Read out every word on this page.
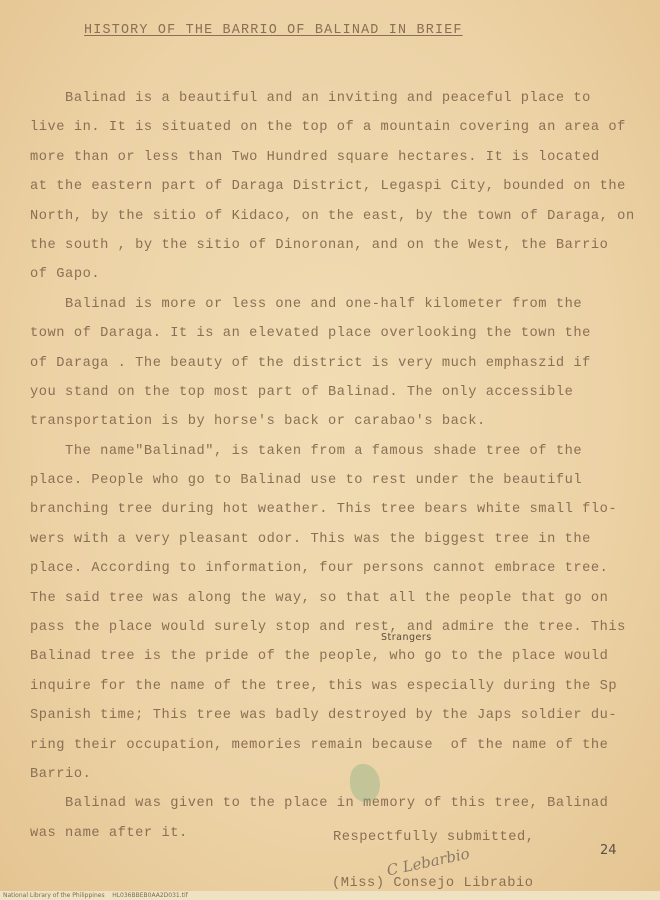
HISTORY OF THE BARRIO OF BALINAD IN BRIEF
Balinad is a beautiful and an inviting and peaceful place to
live in. It is situated on the top of a mountain covering an area of
more than or less than Two Hundred square hectares. It is located
at the eastern part of Daraga District, Legaspi City, bounded on the
North, by the sitio of Kidaco, on the east, by the town of Daraga, on
the south , by the sitio of Dinoronan, and on the West, the Barrio
of Gapo.
Balinad is more or less one and one-half kilometer from the
town of Daraga. It is an elevated place overlooking the town the
of Daraga . The beauty of the district is very much emphaszid if
you stand on the top most part of Balinad. The only accessible
transportation is by horse's back or carabao's back.
The name"Balinad", is taken from a famous shade tree of the
place. People who go to Balinad use to rest under the beautiful
branching tree during hot weather. This tree bears white small flo-
wers with a very pleasant odor. This was the biggest tree in the
place. According to information, four persons cannot embrace tree.
The said tree was along the way, so that all the people that go on
pass the place would surely stop and rest, and admire the tree. This
Balinad tree is the pride of the people, who go to the place would
inquire for the name of the tree, this was especially during the Sp
Spanish time; This tree was badly destroyed by the Japs soldier du-
ring their occupation, memories remain because  of the name of the
Barrio.
Balinad was given to the place in memory of this tree, Balinad
was name after it.
Strangers
Respectfully submitted,
C Lebarbio
(Miss) Consejo Librabio
24
National Library of the Philippines    HL036BBEB0AA2D031.tif
